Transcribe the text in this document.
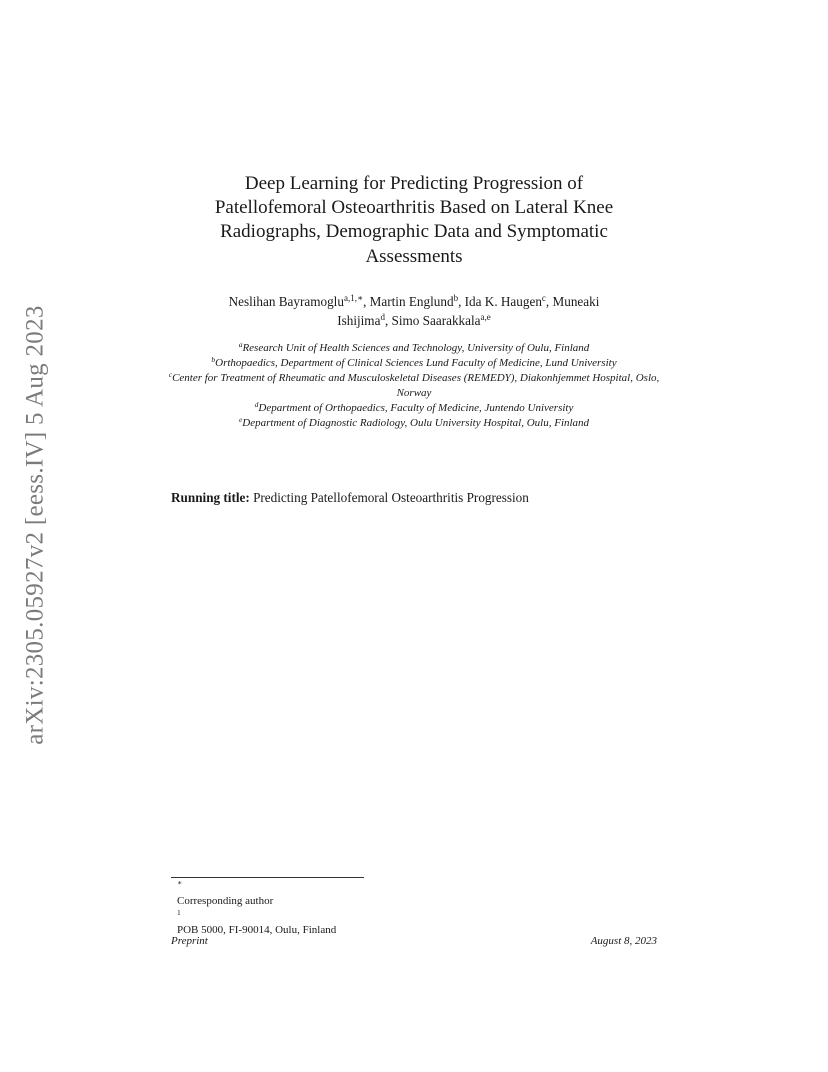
arXiv:2305.05927v2 [eess.IV] 5 Aug 2023
Deep Learning for Predicting Progression of
Patellofemoral Osteoarthritis Based on Lateral Knee
Radiographs, Demographic Data and Symptomatic
Assessments
Neslihan Bayramoglu$^{a,1,∗}$, Martin Englund$^b$, Ida K. Haugen$^c$, Muneaki
Ishijima$^d$, Simo Saarakkala$^{a,e}$
$^a$Research Unit of Health Sciences and Technology, University of Oulu, Finland
$^b$Orthopaedics, Department of Clinical Sciences Lund Faculty of Medicine, Lund University
$^c$Center for Treatment of Rheumatic and Musculoskeletal Diseases (REMEDY), Diakonhjemmet Hospital, Oslo, Norway
$^d$Department of Orthopaedics, Faculty of Medicine, Juntendo University
$^e$Department of Diagnostic Radiology, Oulu University Hospital, Oulu, Finland
Running title: Predicting Patellofemoral Osteoarthritis Progression
∗
Corresponding author
$^1$
POB 5000, FI-90014, Oulu, Finland
Preprint	August 8, 2023
